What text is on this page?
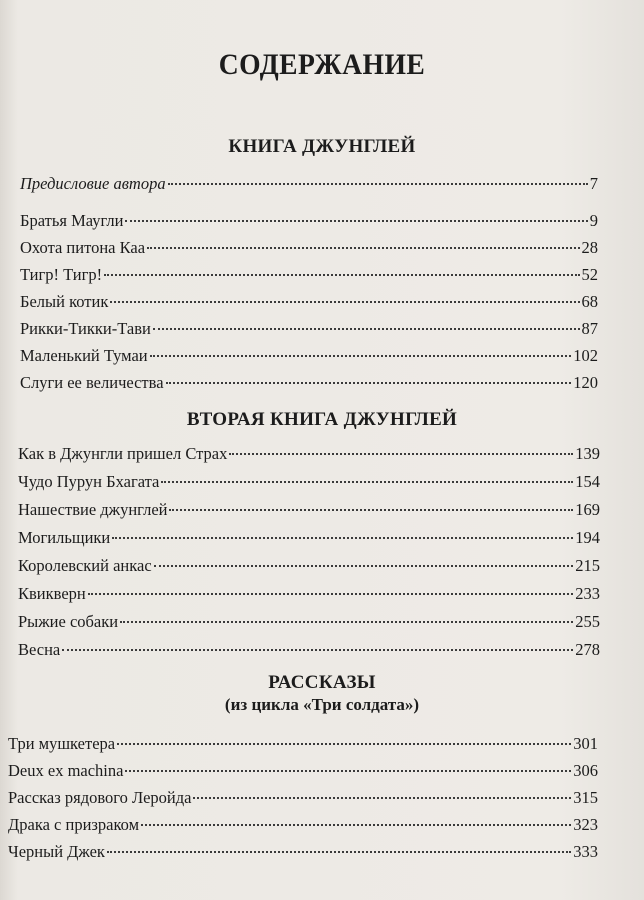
СОДЕРЖАНИЕ
КНИГА ДЖУНГЛЕЙ
Предисловие автора	7
Братья Маугли	9
Охота питона Каа	28
Тигр! Тигр!	52
Белый котик	68
Рикки-Тикки-Тави	87
Маленький Тумаи	102
Слуги ее величества	120
ВТОРАЯ КНИГА ДЖУНГЛЕЙ
Как в Джунгли пришел Страх	139
Чудо Пурун Бхагата	154
Нашествие джунглей	169
Могильщики	194
Королевский анкас	215
Квикверн	233
Рыжие собаки	255
Весна	278
РАССКАЗЫ
(из цикла «Три солдата»)
Три мушкетера	301
Deux ex machina	306
Рассказ рядового Леройда	315
Драка с призраком	323
Черный Джек	333
